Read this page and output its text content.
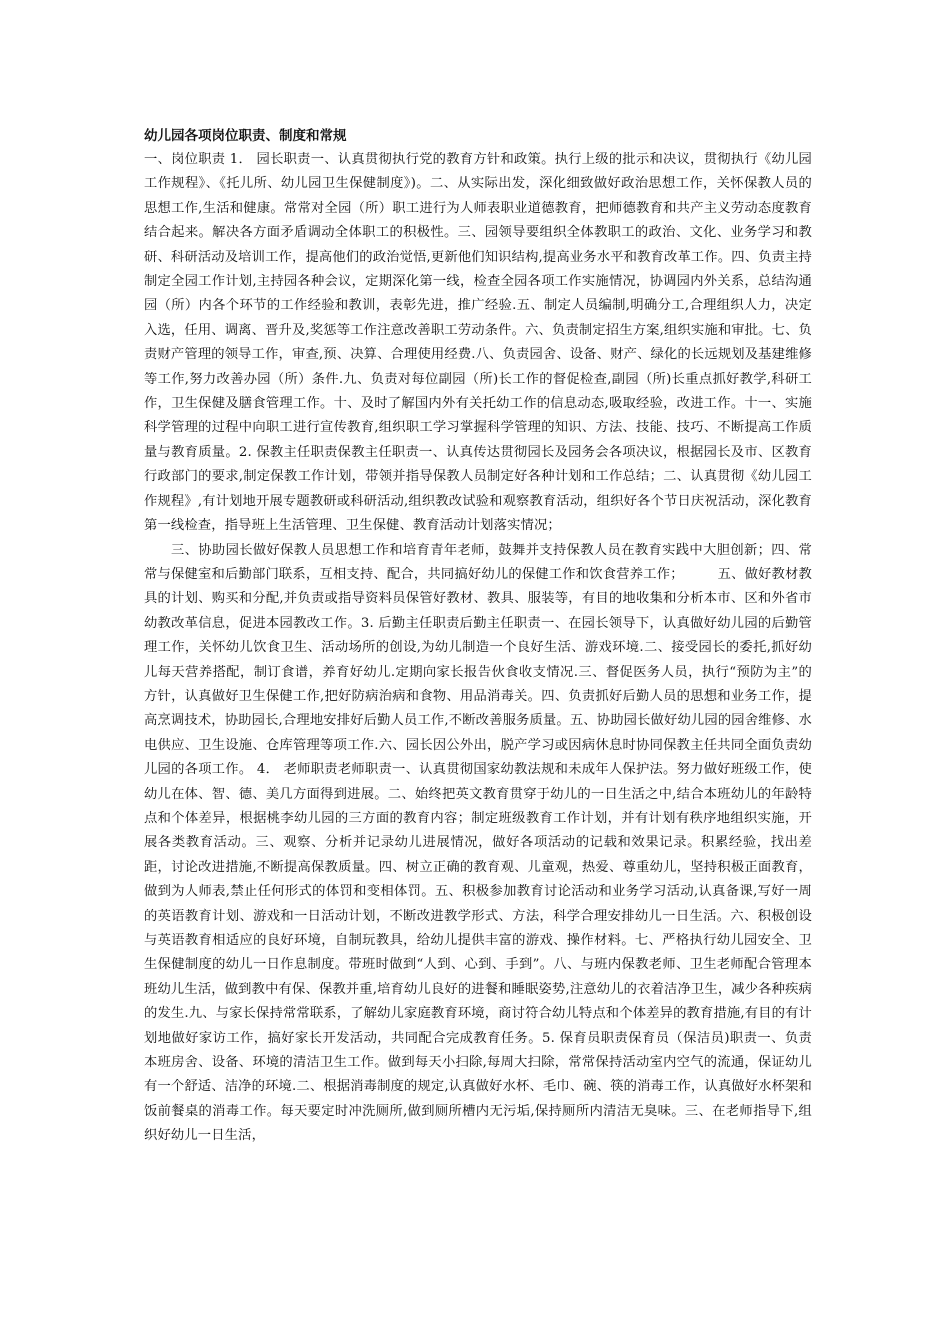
幼儿园各项岗位职责、制度和常规

一、岗位职责 1． 园长职责一、认真贯彻执行党的教育方针和政策。执行上级的批示和决议，贯彻执行《幼儿园工作规程》、《托儿所、幼儿园卫生保健制度》)。二、从实际出发，深化细致做好政治思想工作，关怀保教人员的思想工作,生活和健康。常常对全园（所）职工进行为人师表职业道德教育，把师德教育和共产主义劳动态度教育结合起来。解决各方面矛盾调动全体职工的积极性。三、园领导要组织全体教职工的政治、文化、业务学习和教研、科研活动及培训工作，提高他们的政治觉悟,更新他们知识结构,提高业务水平和教育改革工作。四、负责主持制定全园工作计划,主持园各种会议，定期深化第一线，检查全园各项工作实施情况，协调园内外关系，总结沟通园（所）内各个环节的工作经验和教训，表彰先进，推广经验.五、制定人员编制,明确分工,合理组织人力，决定入选，任用、调离、晋升及,奖惩等工作注意改善职工劳动条件。六、负责制定招生方案,组织实施和审批。七、负责财产管理的领导工作，审查,预、决算、合理使用经费.八、负责园舍、设备、财产、绿化的长远规划及基建维修等工作,努力改善办园（所）条件.九、负责对每位副园（所)长工作的督促检查,副园（所)长重点抓好教学,科研工作，卫生保健及膳食管理工作。十、及时了解国内外有关托幼工作的信息动态,吸取经验，改进工作。十一、实施科学管理的过程中向职工进行宣传教育,组织职工学习掌握科学管理的知识、方法、技能、技巧、不断提高工作质量与教育质量。2. 保教主任职责保教主任职责一、认真传达贯彻园长及园务会各项决议，根据园长及市、区教育行政部门的要求,制定保教工作计划，带领并指导保教人员制定好各种计划和工作总结；二、认真贯彻《幼儿园工作规程》,有计划地开展专题教研或科研活动,组织教改试验和观察教育活动，组织好各个节日庆祝活动，深化教育第一线检查，指导班上生活管理、卫生保健、教育活动计划落实情况；

三、协助园长做好保教人员思想工作和培育青年老师，鼓舞并支持保教人员在教育实践中大胆创新；四、常常与保健室和后勤部门联系，互相支持、配合，共同搞好幼儿的保健工作和饮食营养工作；　　　五、做好教材教具的计划、购买和分配,并负责或指导资料员保管好教材、教具、服装等，有目的地收集和分析本市、区和外省市幼教改革信息，促进本园教改工作。3. 后勤主任职责后勤主任职责一、在园长领导下，认真做好幼儿园的后勤管理工作，关怀幼儿饮食卫生、活动场所的创设,为幼儿制造一个良好生活、游戏环境.二、接受园长的委托,抓好幼儿每天营养搭配，制订食谱，养育好幼儿.定期向家长报告伙食收支情况.三、督促医务人员，执行“预防为主”的方针，认真做好卫生保健工作,把好防病治病和食物、用品消毒关。四、负责抓好后勤人员的思想和业务工作，提高烹调技术，协助园长,合理地安排好后勤人员工作,不断改善服务质量。五、协助园长做好幼儿园的园舍维修、水电供应、卫生设施、仓库管理等项工作.六、园长因公外出，脱产学习或因病休息时协同保教主任共同全面负责幼儿园的各项工作。 4． 老师职责老师职责一、认真贯彻国家幼教法规和未成年人保护法。努力做好班级工作，使幼儿在体、智、德、美几方面得到进展。二、始终把英文教育贯穿于幼儿的一日生活之中,结合本班幼儿的年龄特点和个体差异，根据桃李幼儿园的三方面的教育内容；制定班级教育工作计划，并有计划有秩序地组织实施，开展各类教育活动。三、观察、分析并记录幼儿进展情况，做好各项活动的记载和效果记录。积累经验，找出差距，讨论改进措施,不断提高保教质量。四、树立正确的教育观、儿童观，热爱、尊重幼儿，坚持积极正面教育，做到为人师表,禁止任何形式的体罚和变相体罚。五、积极参加教育讨论活动和业务学习活动,认真备课,写好一周的英语教育计划、游戏和一日活动计划，不断改进教学形式、方法，科学合理安排幼儿一日生活。六、积极创设与英语教育相适应的良好环境，自制玩教具，给幼儿提供丰富的游戏、操作材料。七、严格执行幼儿园安全、卫生保健制度的幼儿一日作息制度。带班时做到“人到、心到、手到”。八、与班内保教老师、卫生老师配合管理本班幼儿生活，做到教中有保、保教并重,培育幼儿良好的进餐和睡眠姿势,注意幼儿的衣着洁净卫生，减少各种疾病的发生.九、与家长保持常常联系，了解幼儿家庭教育环境，商讨符合幼儿特点和个体差异的教育措施,有目的有计划地做好家访工作，搞好家长开发活动，共同配合完成教育任务。5. 保育员职责保育员（保洁员)职责一、负责本班房舍、设备、环境的清洁卫生工作。做到每天小扫除,每周大扫除，常常保持活动室内空气的流通，保证幼儿有一个舒适、洁净的环境.二、根据消毒制度的规定,认真做好水杯、毛巾、碗、筷的消毒工作，认真做好水杯架和饭前餐桌的消毒工作。每天要定时冲洗厕所,做到厕所槽内无污垢,保持厕所内清洁无臭味。三、在老师指导下,组织好幼儿一日生活，
